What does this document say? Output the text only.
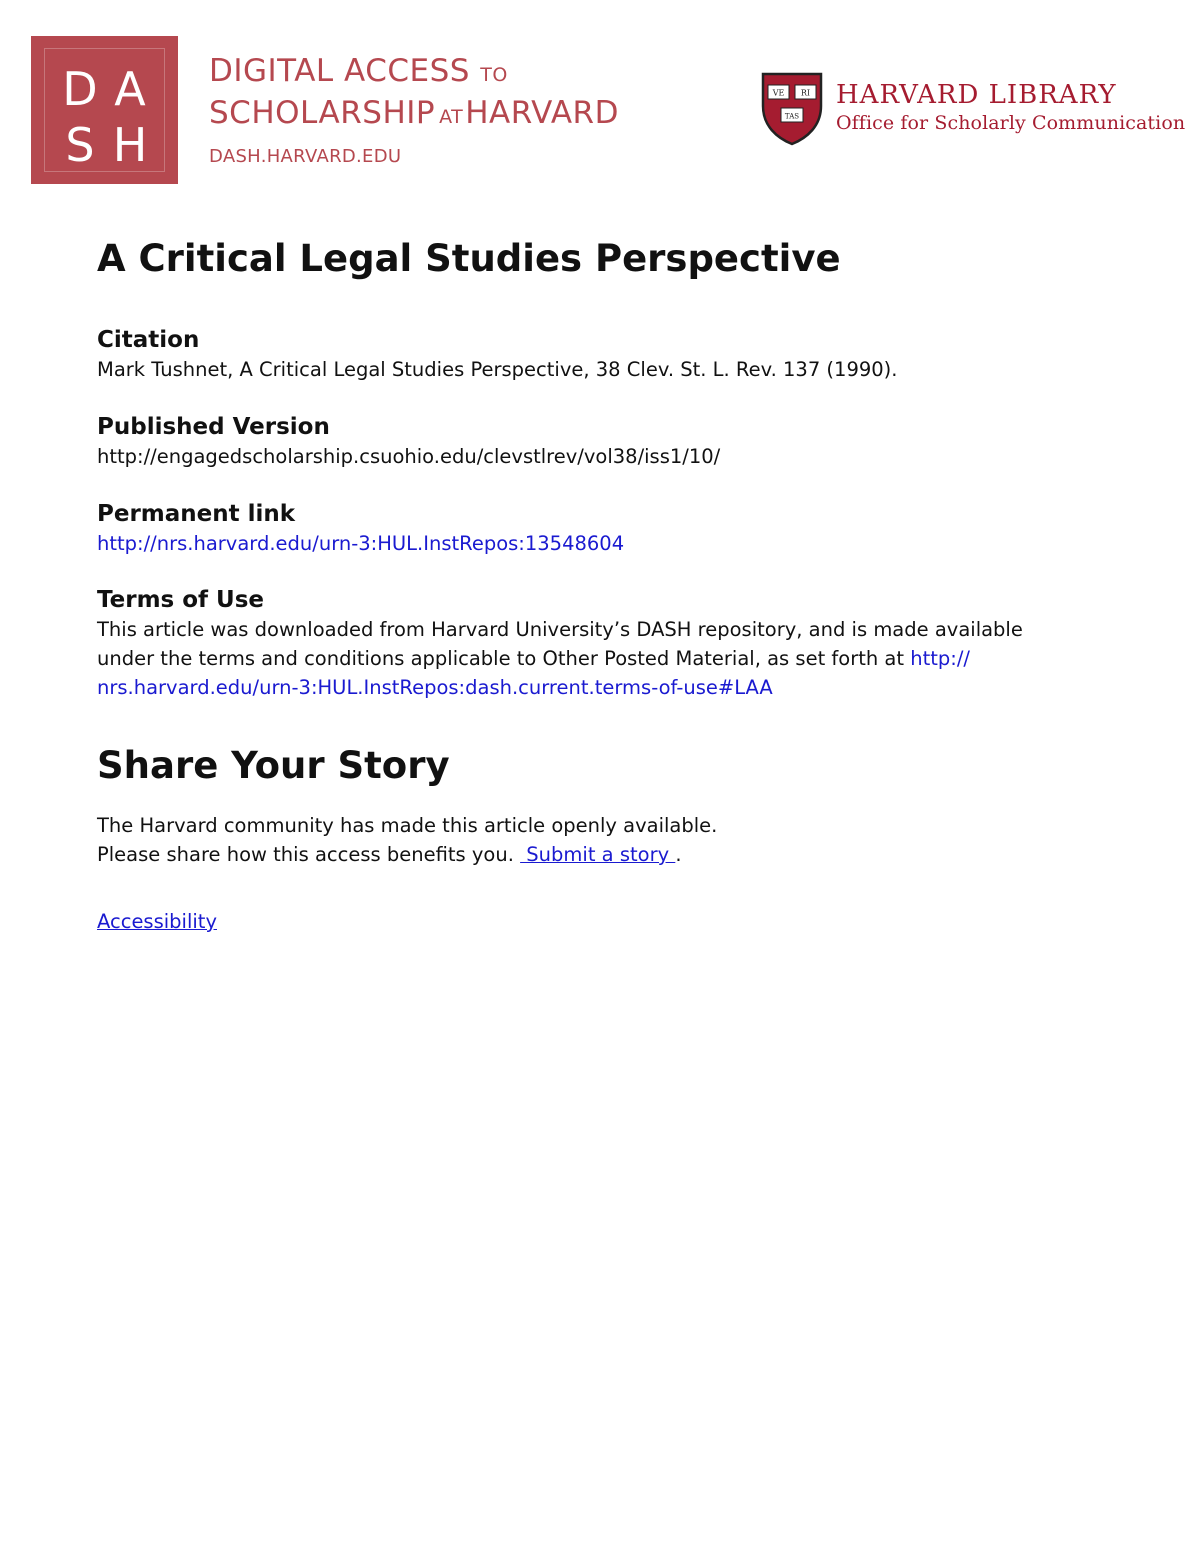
D A
S H
DIGITAL ACCESS TO
SCHOLARSHIP ATHARVARD
DASH.HARVARD.EDU
VE RI
TAS
HARVARD LIBRARY
Office for Scholarly Communication
A Critical Legal Studies Perspective
Citation

Mark Tushnet, A Critical Legal Studies Perspective, 38 Clev. St. L. Rev. 137 (1990).

Published Version

http://engagedscholarship.csuohio.edu/clevstlrev/vol38/iss1/10/

Permanent link

http://nrs.harvard.edu/urn-3:HUL.InstRepos:13548604

Terms of Use

This article was downloaded from Harvard University’s DASH repository, and is made available
under the terms and conditions applicable to Other Posted Material, as set forth at http://
nrs.harvard.edu/urn-3:HUL.InstRepos:dash.current.terms-of-use#LAA

Share Your Story

The Harvard community has made this article openly available.

Please share how this access benefits you.  Submit a story .

Accessibility
